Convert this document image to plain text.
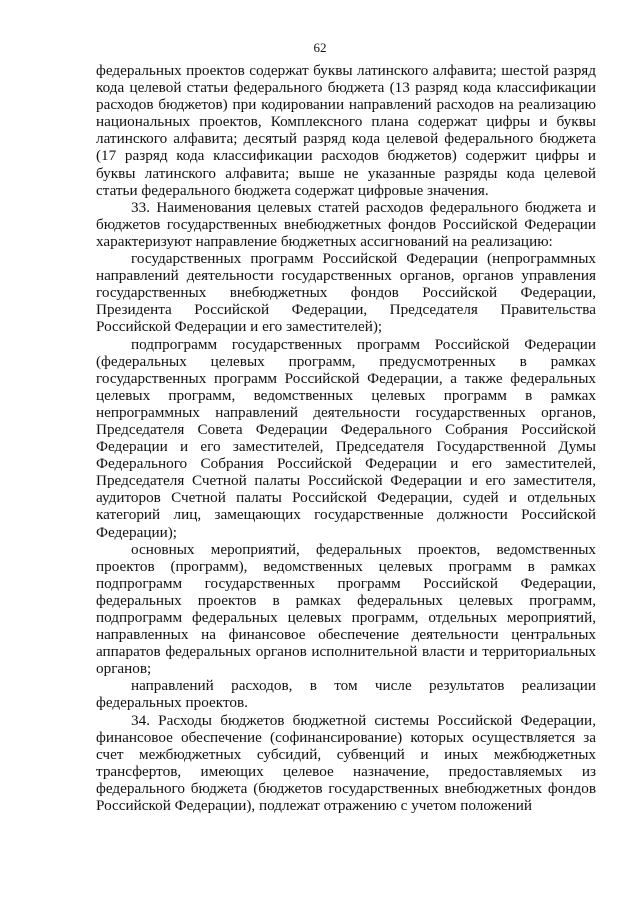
62

федеральных проектов содержат буквы латинского алфавита; шестой разряд кода целевой статьи федерального бюджета (13 разряд кода классификации расходов бюджетов) при кодировании направлений расходов на реализацию национальных проектов, Комплексного плана содержат цифры и буквы латинского алфавита; десятый разряд кода целевой федерального бюджета (17 разряд кода классификации расходов бюджетов) содержит цифры и буквы латинского алфавита; выше не указанные разряды кода целевой статьи федерального бюджета содержат цифровые значения.

33. Наименования целевых статей расходов федерального бюджета и бюджетов государственных внебюджетных фондов Российской Федерации характеризуют направление бюджетных ассигнований на реализацию:

государственных программ Российской Федерации (непрограммных направлений деятельности государственных органов, органов управления государственных внебюджетных фондов Российской Федерации, Президента Российской Федерации, Председателя Правительства Российской Федерации и его заместителей);

подпрограмм государственных программ Российской Федерации (федеральных целевых программ, предусмотренных в рамках государственных программ Российской Федерации, а также федеральных целевых программ, ведомственных целевых программ в рамках непрограммных направлений деятельности государственных органов, Председателя Совета Федерации Федерального Собрания Российской Федерации и его заместителей, Председателя Государственной Думы Федерального Собрания Российской Федерации и его заместителей, Председателя Счетной палаты Российской Федерации и его заместителя, аудиторов Счетной палаты Российской Федерации, судей и отдельных категорий лиц, замещающих государственные должности Российской Федерации);

основных мероприятий, федеральных проектов, ведомственных проектов (программ), ведомственных целевых программ в рамках подпрограмм государственных программ Российской Федерации, федеральных проектов в рамках федеральных целевых программ, подпрограмм федеральных целевых программ, отдельных мероприятий, направленных на финансовое обеспечение деятельности центральных аппаратов федеральных органов исполнительной власти и территориальных органов;

направлений расходов, в том числе результатов реализации федеральных проектов.

34. Расходы бюджетов бюджетной системы Российской Федерации, финансовое обеспечение (софинансирование) которых осуществляется за счет межбюджетных субсидий, субвенций и иных межбюджетных трансфертов, имеющих целевое назначение, предоставляемых из федерального бюджета (бюджетов государственных внебюджетных фондов Российской Федерации), подлежат отражению с учетом положений
